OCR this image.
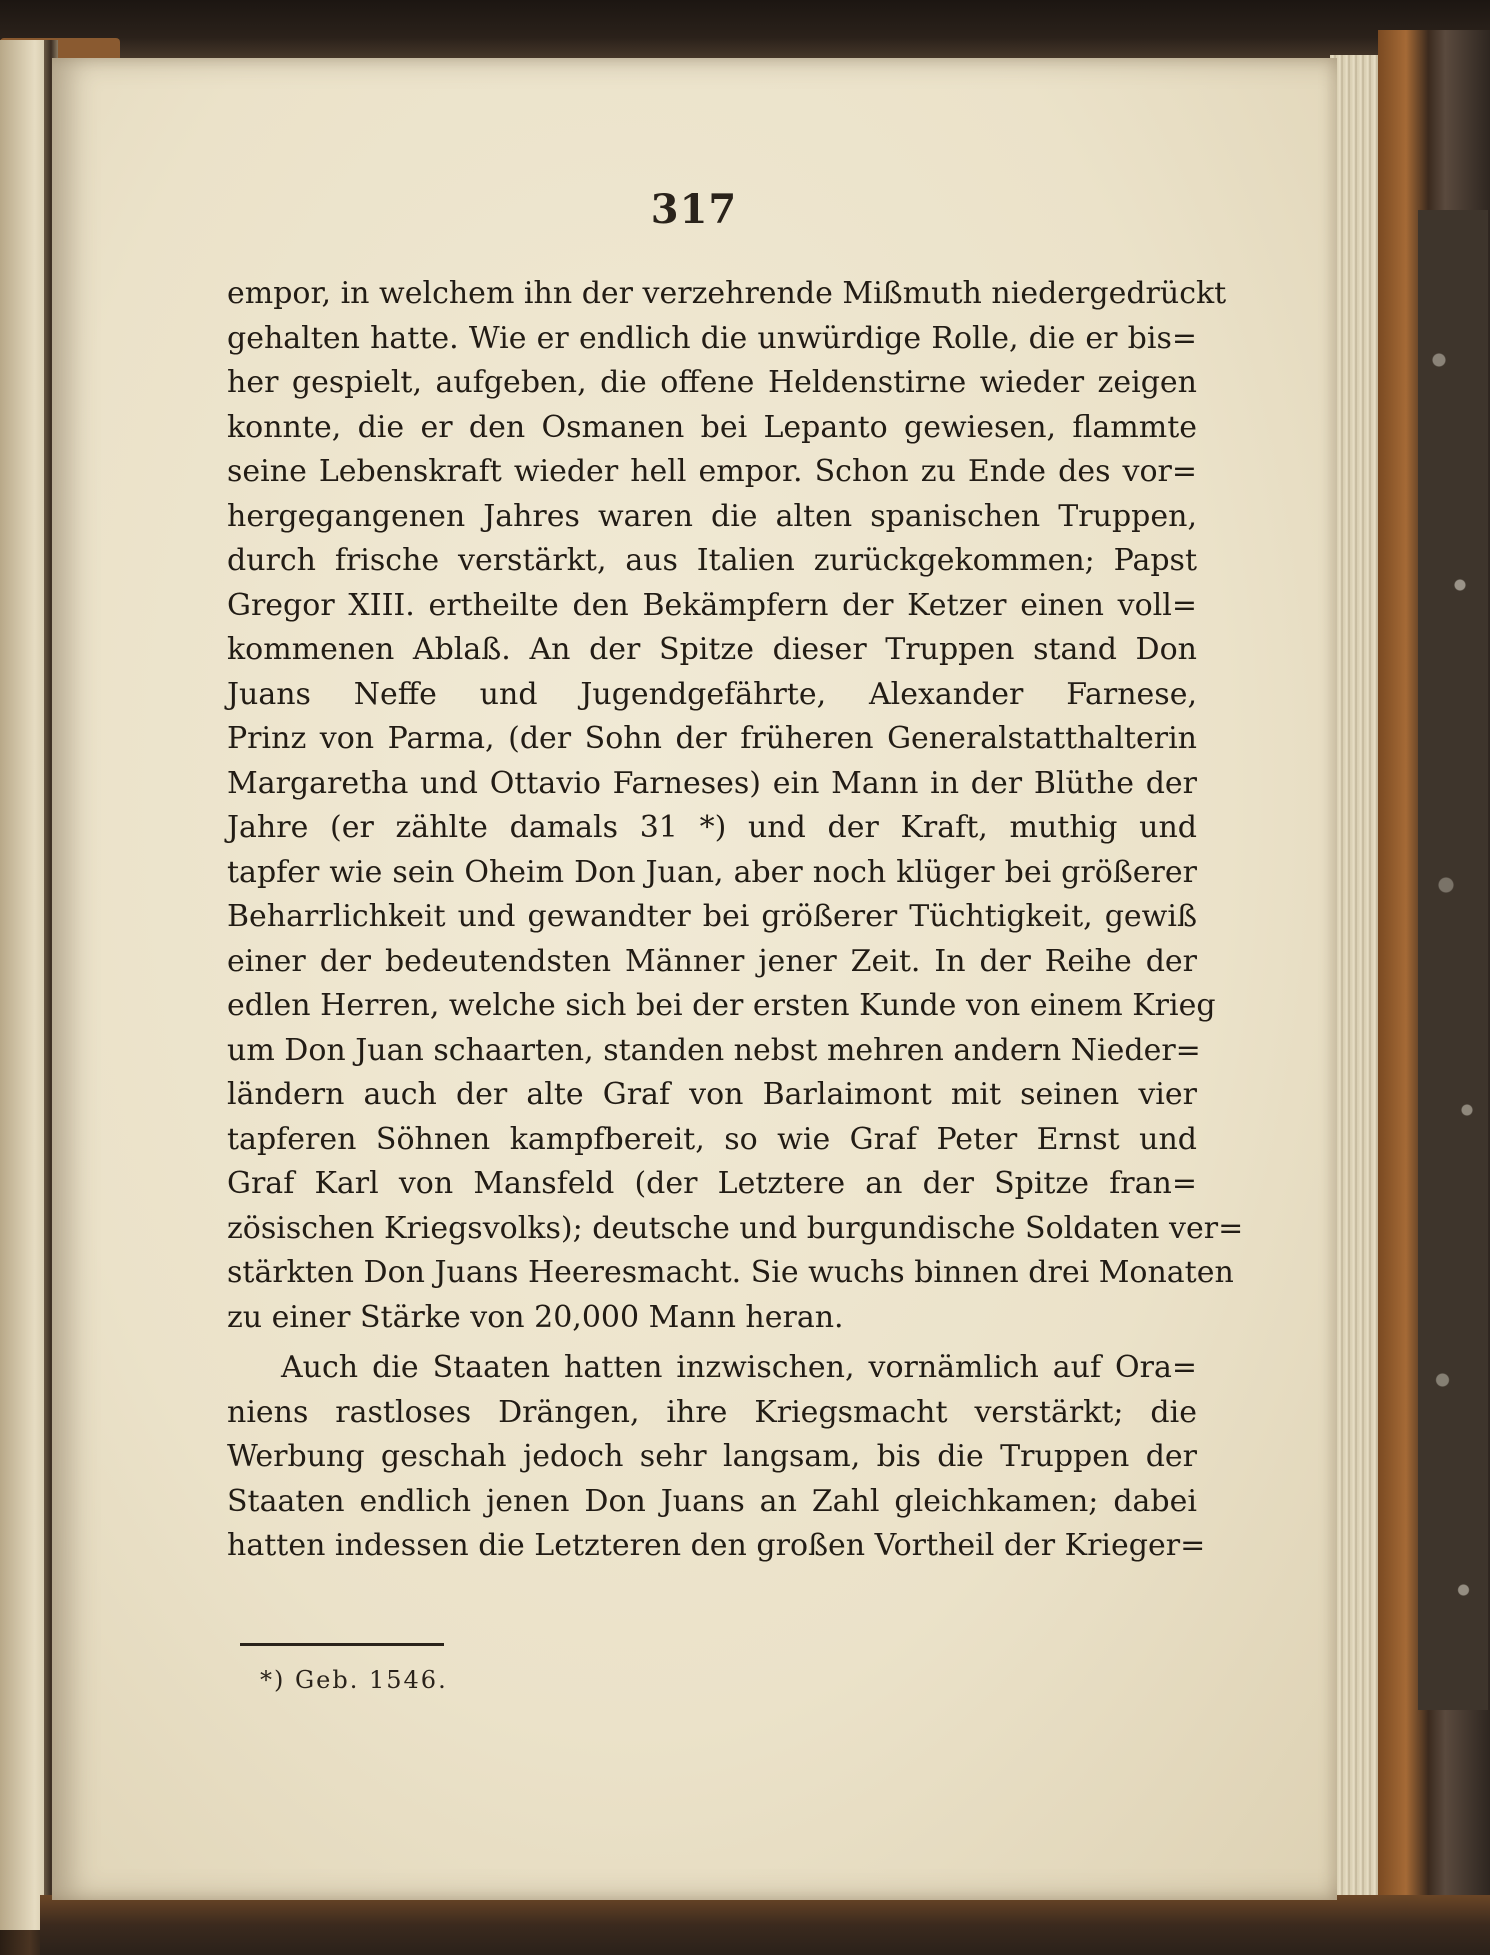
317
empor, in welchem ihn der verzehrende Mißmuth niedergedrückt
gehalten hatte. Wie er endlich die unwürdige Rolle, die er bis=
her gespielt, aufgeben, die offene Heldenstirne wieder zeigen
konnte, die er den Osmanen bei Lepanto gewiesen, flammte
seine Lebenskraft wieder hell empor. Schon zu Ende des vor=
hergegangenen Jahres waren die alten spanischen Truppen,
durch frische verstärkt, aus Italien zurückgekommen; Papst
Gregor XIII. ertheilte den Bekämpfern der Ketzer einen voll=
kommenen Ablaß. An der Spitze dieser Truppen stand Don
Juans Neffe und Jugendgefährte, Alexander Farnese,
Prinz von Parma, (der Sohn der früheren Generalstatthalterin
Margaretha und Ottavio Farneses) ein Mann in der Blüthe der
Jahre (er zählte damals 31 *) und der Kraft, muthig und
tapfer wie sein Oheim Don Juan, aber noch klüger bei größerer
Beharrlichkeit und gewandter bei größerer Tüchtigkeit, gewiß
einer der bedeutendsten Männer jener Zeit. In der Reihe der
edlen Herren, welche sich bei der ersten Kunde von einem Krieg
um Don Juan schaarten, standen nebst mehren andern Nieder=
ländern auch der alte Graf von Barlaimont mit seinen vier
tapferen Söhnen kampfbereit, so wie Graf Peter Ernst und
Graf Karl von Mansfeld (der Letztere an der Spitze fran=
zösischen Kriegsvolks); deutsche und burgundische Soldaten ver=
stärkten Don Juans Heeresmacht. Sie wuchs binnen drei Monaten
zu einer Stärke von 20,000 Mann heran.
Auch die Staaten hatten inzwischen, vornämlich auf Ora=
niens rastloses Drängen, ihre Kriegsmacht verstärkt; die
Werbung geschah jedoch sehr langsam, bis die Truppen der
Staaten endlich jenen Don Juans an Zahl gleichkamen; dabei
hatten indessen die Letzteren den großen Vortheil der Krieger=
*) Geb. 1546.
